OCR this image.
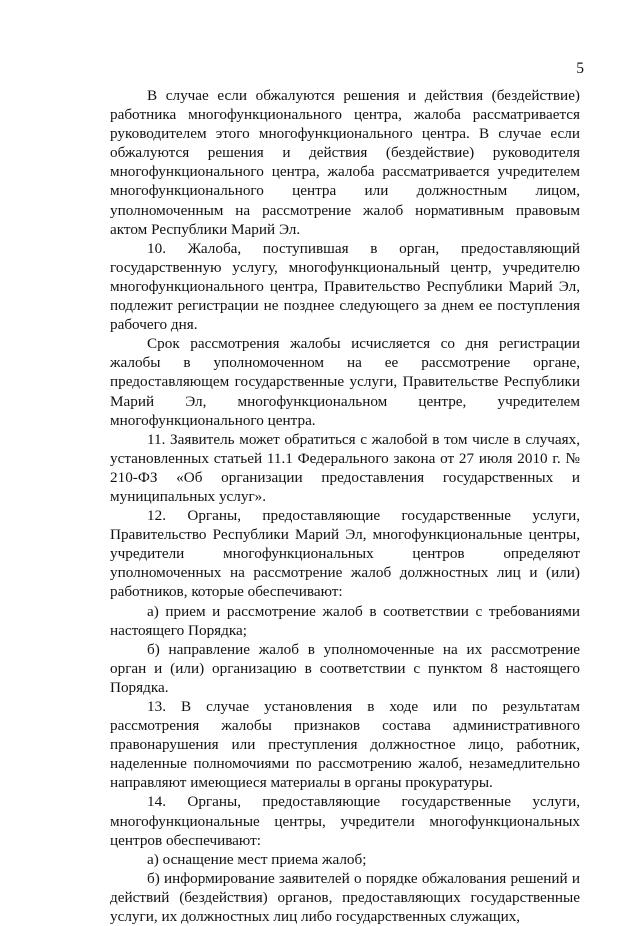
5

В случае если обжалуются решения и действия (бездействие) работника многофункционального центра, жалоба рассматривается руководителем этого многофункционального центра. В случае если обжалуются решения и действия (бездействие) руководителя многофункционального центра, жалоба рассматривается учредителем многофункционального центра или должностным лицом, уполномоченным на рассмотрение жалоб нормативным правовым актом Республики Марий Эл.

10. Жалоба, поступившая в орган, предоставляющий государственную услугу, многофункциональный центр, учредителю многофункционального центра, Правительство Республики Марий Эл, подлежит регистрации не позднее следующего за днем ее поступления рабочего дня.

Срок рассмотрения жалобы исчисляется со дня регистрации жалобы в уполномоченном на ее рассмотрение органе, предоставляющем государственные услуги, Правительстве Республики Марий Эл, многофункциональном центре, учредителем многофункционального центра.

11. Заявитель может обратиться с жалобой в том числе в случаях, установленных статьей 11.1 Федерального закона от 27 июля 2010 г. № 210-ФЗ «Об организации предоставления государственных и муниципальных услуг».

12. Органы, предоставляющие государственные услуги, Правительство Республики Марий Эл, многофункциональные центры, учредители многофункциональных центров определяют уполномоченных на рассмотрение жалоб должностных лиц и (или) работников, которые обеспечивают:

а) прием и рассмотрение жалоб в соответствии с требованиями настоящего Порядка;

б) направление жалоб в уполномоченные на их рассмотрение орган и (или) организацию в соответствии с пунктом 8 настоящего Порядка.

13. В случае установления в ходе или по результатам рассмотрения жалобы признаков состава административного правонарушения или преступления должностное лицо, работник, наделенные полномочиями по рассмотрению жалоб, незамедлительно направляют имеющиеся материалы в органы прокуратуры.

14. Органы, предоставляющие государственные услуги, многофункциональные центры, учредители многофункциональных центров обеспечивают:

а) оснащение мест приема жалоб;

б) информирование заявителей о порядке обжалования решений и действий (бездействия) органов, предоставляющих государственные услуги, их должностных лиц либо государственных служащих,
